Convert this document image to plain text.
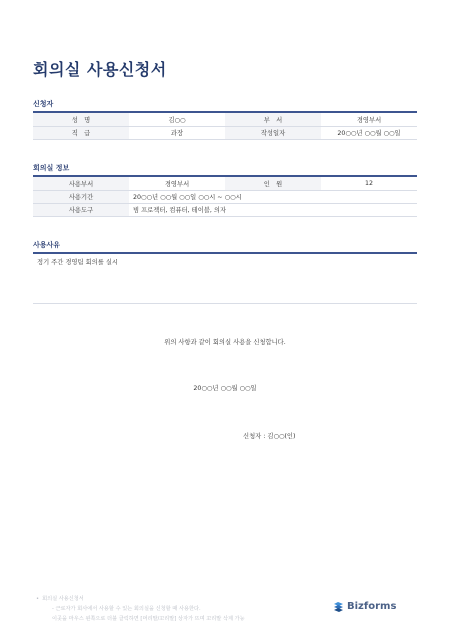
회의실 사용신청서
신청자
성　명	김○○	부　서	경영부서
직　급	과장	작성일자	20○○년 ○○월 ○○일
회의실 정보
사용부서	경영부서	인　원	12
사용기간	20○○년 ○○월 ○○일 ○○시 ~ ○○시		
사용도구	빔 프로젝터, 컴퓨터, 테이블, 의자		
사용사유
정기 주간 경영팀 회의를 실시
위의 사항과 같이 회의실 사용을 신청합니다.
20○○년 ○○월 ○○일
신청자 : 김○○(인)
• 회의실 사용신청서
- 근로자가 회사에서 사용할 수 있는 회의실을 신청할 때 사용한다.
이곳을 마우스 왼쪽으로 더블 클릭하면 [머리말/꼬리말] 상자가 뜨며 꼬리말 삭제 가능
Bizforms
